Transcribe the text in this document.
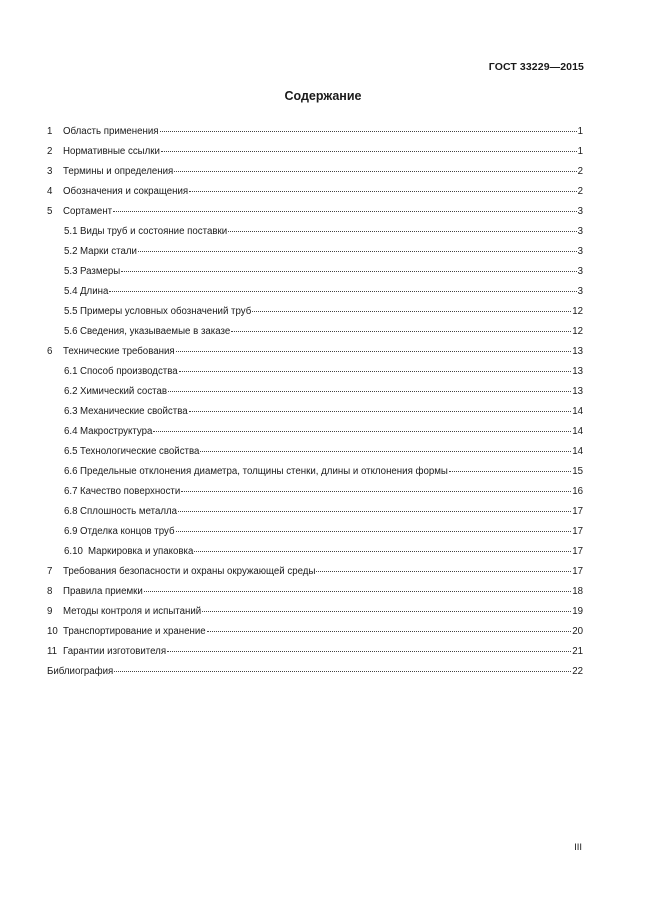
ГОСТ 33229—2015
Содержание
1	Область применения	1
2	Нормативные ссылки	1
3	Термины и определения	2
4	Обозначения и сокращения	2
5	Сортамент	3
5.1 Виды труб и состояние поставки	3
5.2 Марки стали	3
5.3 Размеры	3
5.4 Длина	3
5.5 Примеры условных обозначений труб	12
5.6 Сведения, указываемые в заказе	12
6	Технические требования	13
6.1 Способ производства	13
6.2 Химический состав	13
6.3 Механические свойства	14
6.4 Макроструктура	14
6.5 Технологические свойства	14
6.6 Предельные отклонения диаметра, толщины стенки, длины и отклонения формы	15
6.7 Качество поверхности	16
6.8 Сплошность металла	17
6.9 Отделка концов труб	17
6.10 Маркировка и упаковка	17
7	Требования безопасности и охраны окружающей среды	17
8	Правила приемки	18
9	Методы контроля и испытаний	19
10 Транспортирование и хранение	20
11 Гарантии изготовителя	21
Библиография	22
III
